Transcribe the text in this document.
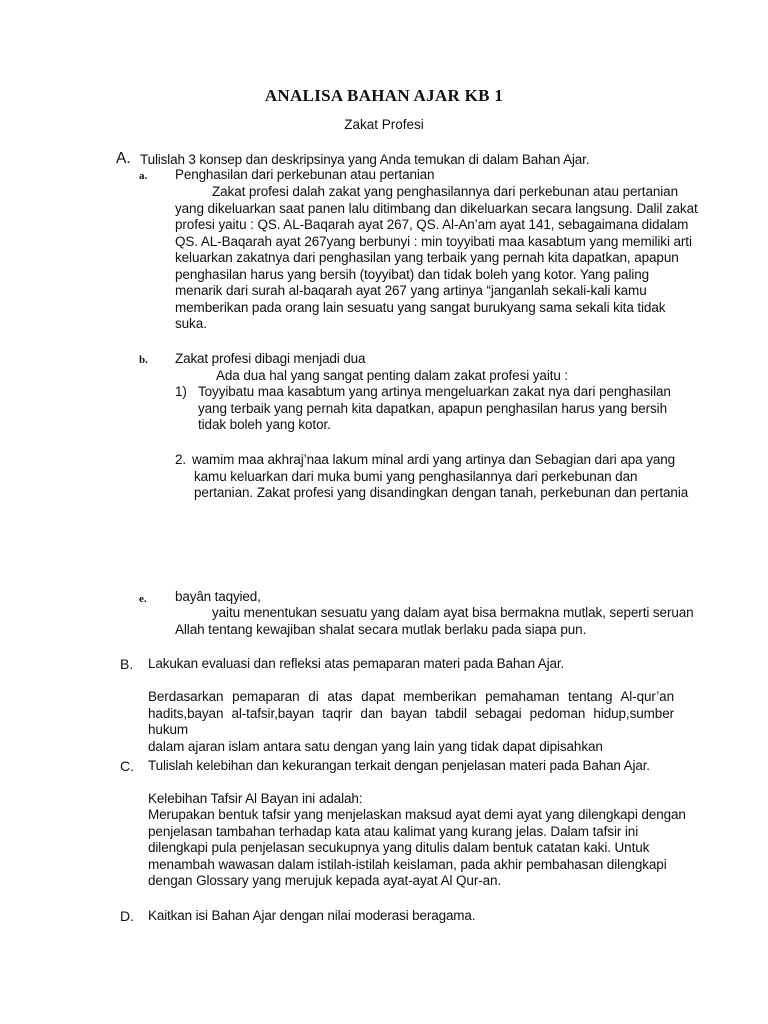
ANALISA BAHAN AJAR KB 1
Zakat Profesi
A. Tulislah 3 konsep dan deskripsinya yang Anda temukan di dalam Bahan Ajar.
a. Penghasilan dari perkebunan atau pertanian
Zakat profesi dalah zakat yang penghasilannya dari perkebunan atau pertanian
yang dikeluarkan saat panen lalu ditimbang dan dikeluarkan secara langsung. Dalil zakat
profesi yaitu : QS. AL-Baqarah ayat 267, QS. Al-An’am ayat 141, sebagaimana didalam
QS. AL-Baqarah ayat 267yang berbunyi : min toyyibati maa kasabtum yang memiliki arti
keluarkan zakatnya dari penghasilan yang terbaik yang pernah kita dapatkan, apapun
penghasilan harus yang bersih (toyyibat) dan tidak boleh yang kotor. Yang paling
menarik dari surah al-baqarah ayat 267 yang artinya “janganlah sekali-kali kamu
memberikan pada orang lain sesuatu yang sangat burukyang sama sekali kita tidak
suka.
b. Zakat profesi dibagi menjadi dua
Ada dua hal yang sangat penting dalam zakat profesi yaitu :
1) Toyyibatu maa kasabtum yang artinya mengeluarkan zakat nya dari penghasilan
yang terbaik yang pernah kita dapatkan, apapun penghasilan harus yang bersih
tidak boleh yang kotor.
2. wamim maa akhraj’naa lakum minal ardi yang artinya dan Sebagian dari apa yang
kamu keluarkan dari muka bumi yang penghasilannya dari perkebunan dan
pertanian. Zakat profesi yang disandingkan dengan tanah, perkebunan dan pertania
e. bayân taqyied,
yaitu menentukan sesuatu yang dalam ayat bisa bermakna mutlak, seperti seruan
Allah tentang kewajiban shalat secara mutlak berlaku pada siapa pun.
B. Lakukan evaluasi dan refleksi atas pemaparan materi pada Bahan Ajar.
Berdasarkan pemaparan di atas dapat memberikan pemahaman tentang Al-qur’an
hadits,bayan al-tafsir,bayan taqrir dan bayan tabdil sebagai pedoman hidup,sumber hukum
dalam ajaran islam antara satu dengan yang lain yang tidak dapat dipisahkan
C. Tulislah kelebihan dan kekurangan terkait dengan penjelasan materi pada Bahan Ajar.
Kelebihan Tafsir Al Bayan ini adalah:
Merupakan bentuk tafsir yang menjelaskan maksud ayat demi ayat yang dilengkapi dengan
penjelasan tambahan terhadap kata atau kalimat yang kurang jelas. Dalam tafsir ini
dilengkapi pula penjelasan secukupnya yang ditulis dalam bentuk catatan kaki. Untuk
menambah wawasan dalam istilah-istilah keislaman, pada akhir pembahasan dilengkapi
dengan Glossary yang merujuk kepada ayat-ayat Al Qur-an.
D. Kaitkan isi Bahan Ajar dengan nilai moderasi beragama.
